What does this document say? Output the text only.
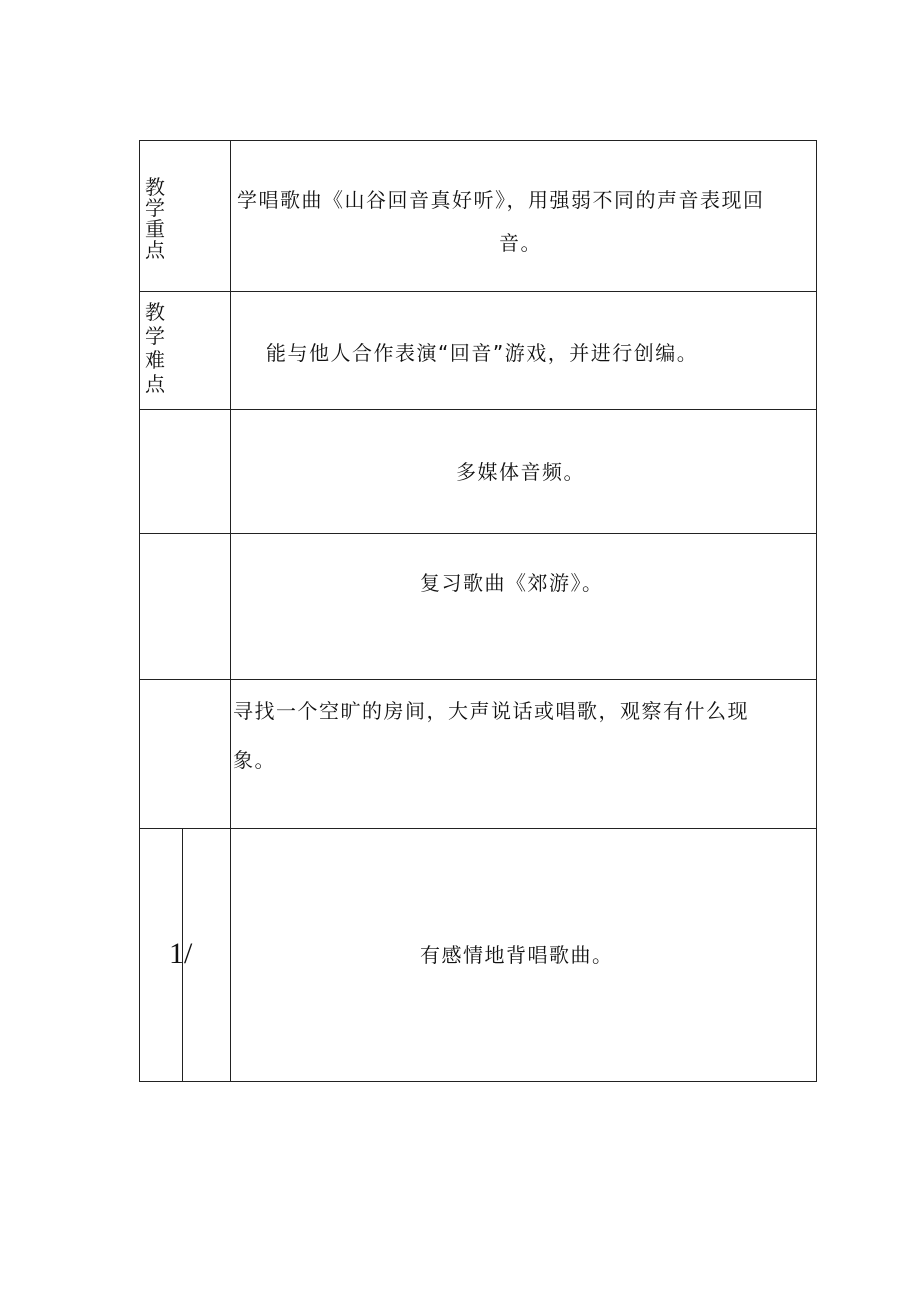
教学重点
学唱歌曲《山谷回音真好听》，用强弱不同的声音表现回
音。
教学难点
能与他人合作表演“回音”游戏，并进行创编。
多媒体音频。
复习歌曲《郊游》。
寻找一个空旷的房间，大声说话或唱歌，观察有什么现
象。
1/	有感情地背唱歌曲。
